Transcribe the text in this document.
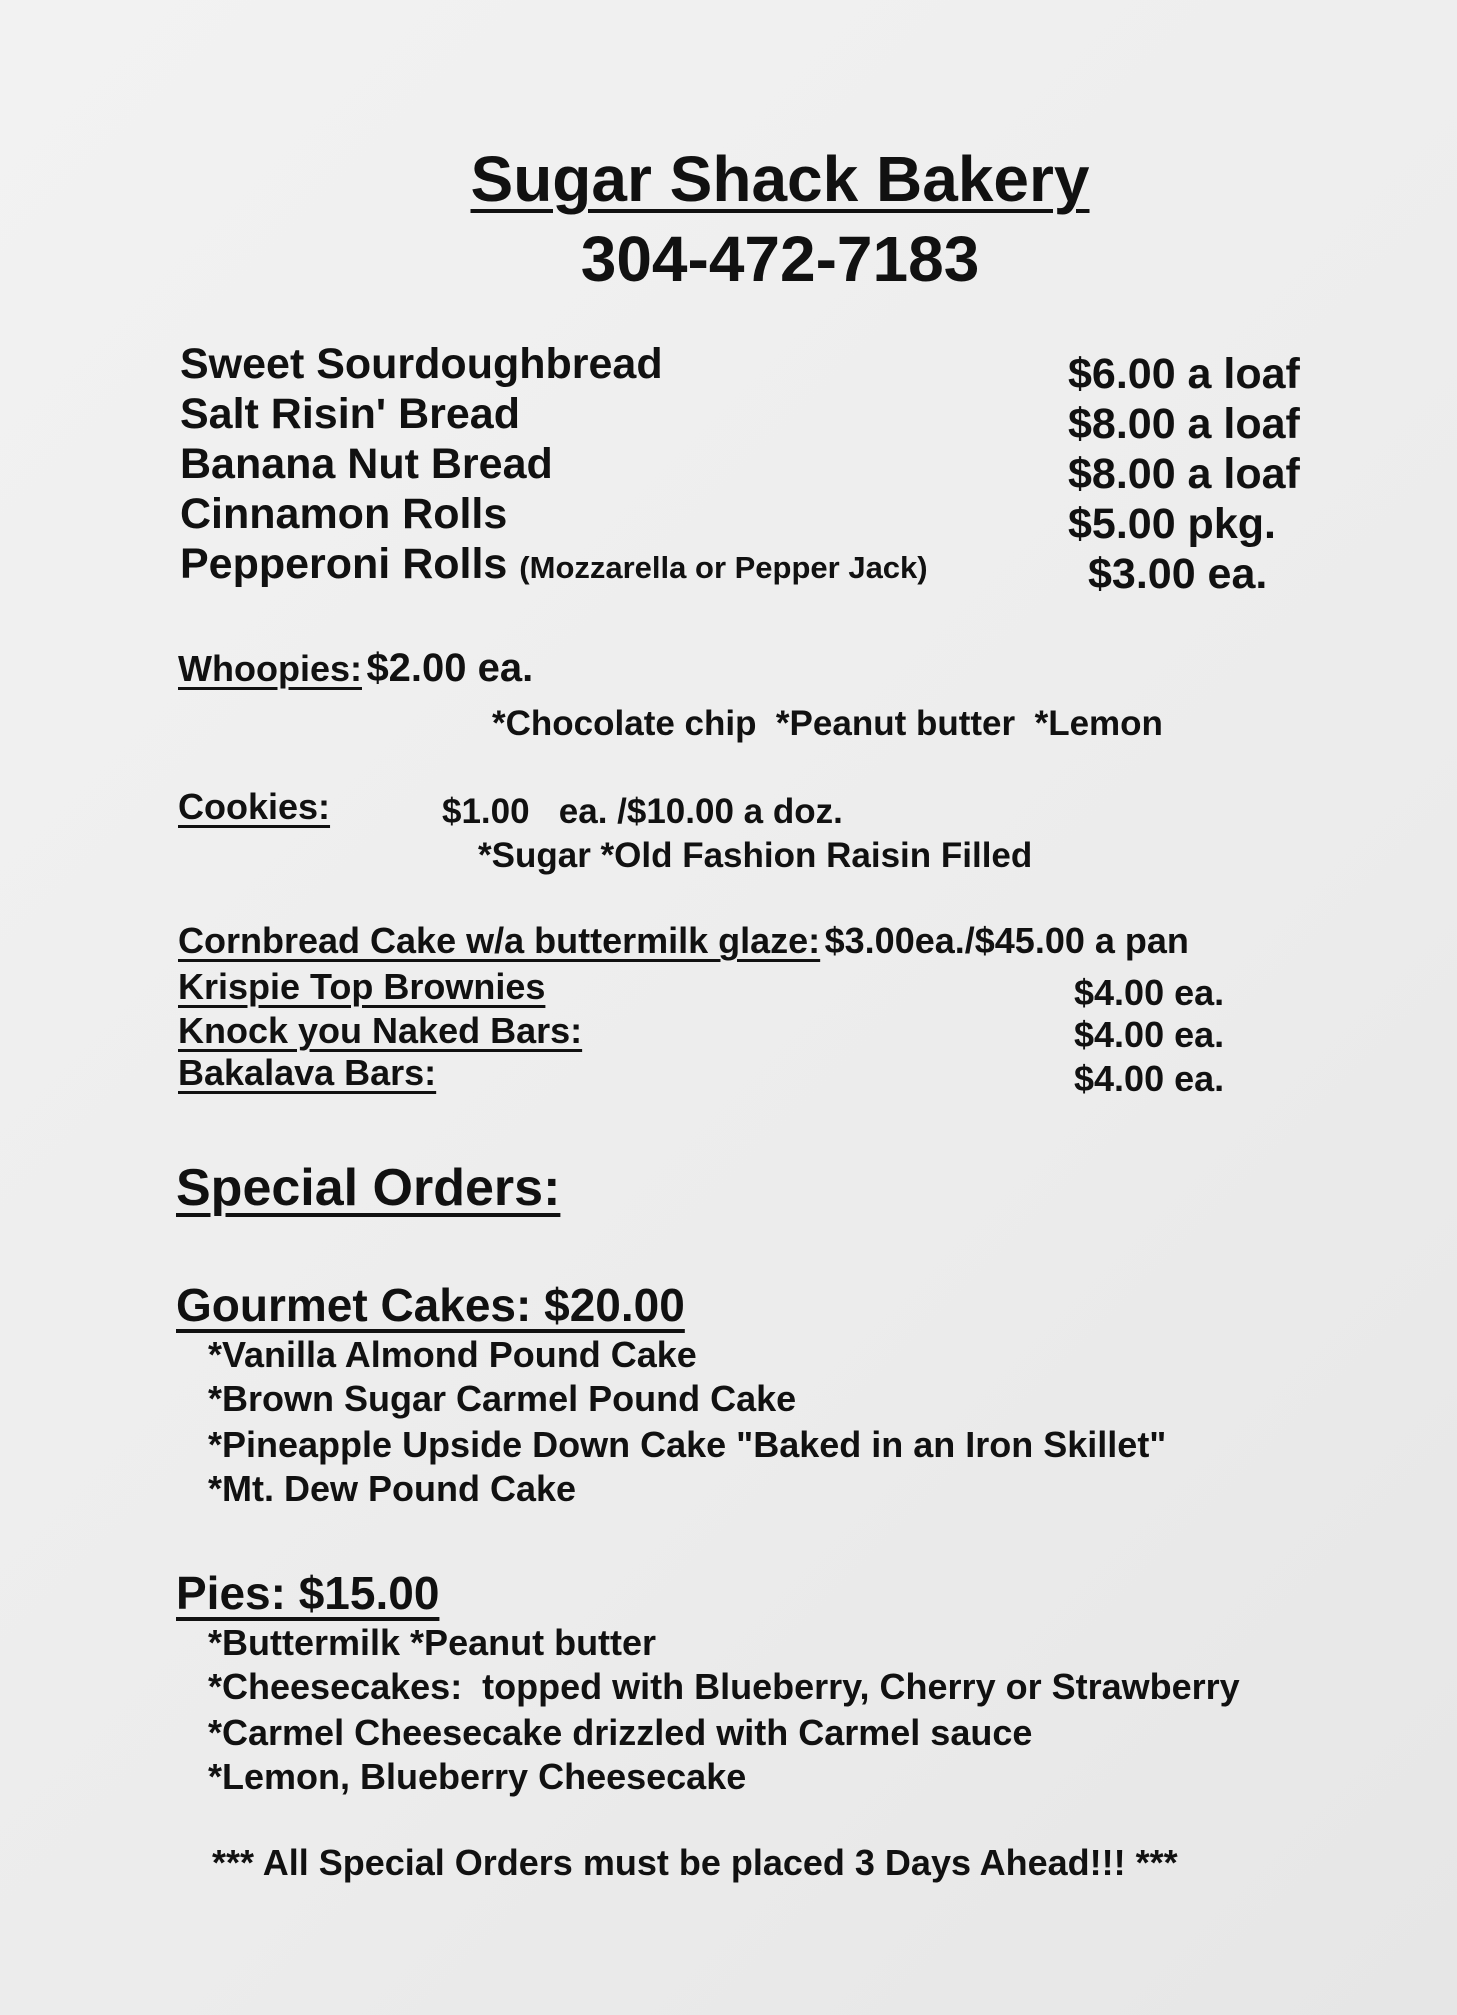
Sugar Shack Bakery
304-472-7183
Sweet Sourdoughbread	$6.00 a loaf
Salt Risin' Bread	$8.00 a loaf
Banana Nut Bread	$8.00 a loaf
Cinnamon Rolls	$5.00 pkg.
Pepperoni Rolls (Mozzarella or Pepper Jack)	$3.00 ea.
Whoopies: $2.00 ea.
*Chocolate chip  *Peanut butter  *Lemon
Cookies:	$1.00   ea. /$10.00 a doz.
*Sugar *Old Fashion Raisin Filled
Cornbread Cake w/a buttermilk glaze: $3.00ea./$45.00 a pan
Krispie Top Brownies	$4.00 ea.
Knock you Naked Bars:	$4.00 ea.
Bakalava Bars:	$4.00 ea.
Special Orders:
Gourmet Cakes: $20.00
*Vanilla Almond Pound Cake
*Brown Sugar Carmel Pound Cake
*Pineapple Upside Down Cake "Baked in an Iron Skillet"
*Mt. Dew Pound Cake
Pies: $15.00
*Buttermilk *Peanut butter
*Cheesecakes:  topped with Blueberry, Cherry or Strawberry
*Carmel Cheesecake drizzled with Carmel sauce
*Lemon, Blueberry Cheesecake
*** All Special Orders must be placed 3 Days Ahead!!! ***
